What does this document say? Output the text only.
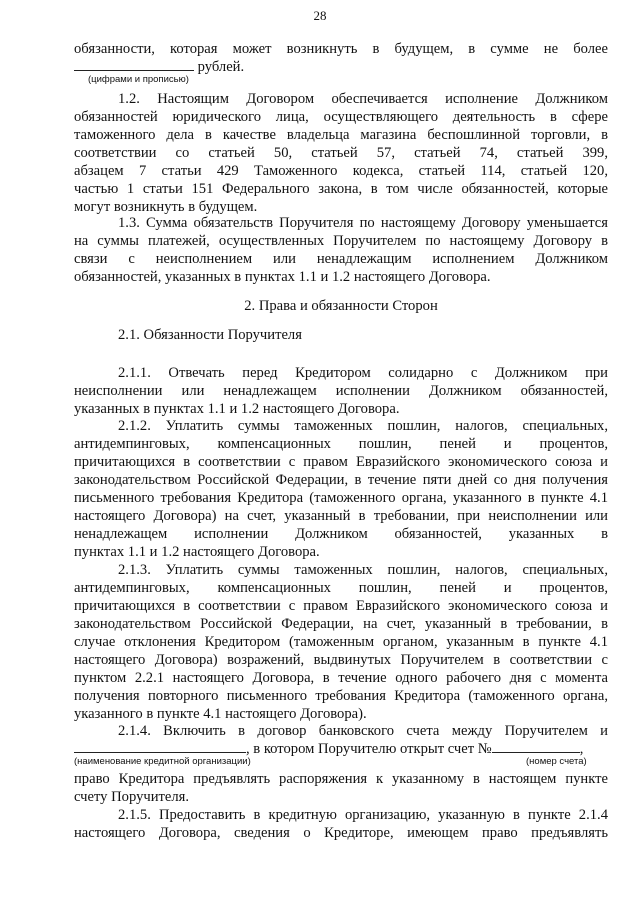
28
обязанности, которая может возникнуть в будущем, в сумме не более
рублей.
(цифрами и прописью)
1.2. Настоящим Договором обеспечивается исполнение Должником
обязанностей юридического лица, осуществляющего деятельность в сфере
таможенного дела в качестве владельца магазина беспошлинной торговли, в
соответствии со статьей 50, статьей 57, статьей 74, статьей 399,
абзацем 7 статьи 429 Таможенного кодекса, статьей 114, статьей 120,
частью 1 статьи 151 Федерального закона, в том числе обязанностей, которые
могут возникнуть в будущем.
1.3. Сумма обязательств Поручителя по настоящему Договору уменьшается
на суммы платежей, осуществленных Поручителем по настоящему Договору в
связи с неисполнением или ненадлежащим исполнением Должником
обязанностей, указанных в пунктах 1.1 и 1.2 настоящего Договора.
2. Права и обязанности Сторон
2.1. Обязанности Поручителя
2.1.1. Отвечать перед Кредитором солидарно с Должником при
неисполнении или ненадлежащем исполнении Должником обязанностей,
указанных в пунктах 1.1 и 1.2 настоящего Договора.
2.1.2. Уплатить суммы таможенных пошлин, налогов, специальных,
антидемпинговых, компенсационных пошлин, пеней и процентов,
причитающихся в соответствии с правом Евразийского экономического союза и
законодательством Российской Федерации, в течение пяти дней со дня получения
письменного требования Кредитора (таможенного органа, указанного в пункте 4.1
настоящего Договора) на счет, указанный в требовании, при неисполнении или
ненадлежащем исполнении Должником обязанностей, указанных в
пунктах 1.1 и 1.2 настоящего Договора.
2.1.3. Уплатить суммы таможенных пошлин, налогов, специальных,
антидемпинговых, компенсационных пошлин, пеней и процентов,
причитающихся в соответствии с правом Евразийского экономического союза и
законодательством Российской Федерации, на счет, указанный в требовании, в
случае отклонения Кредитором (таможенным органом, указанным в пункте 4.1
настоящего Договора) возражений, выдвинутых Поручителем в соответствии с
пунктом 2.2.1 настоящего Договора, в течение одного рабочего дня с момента
получения повторного письменного требования Кредитора (таможенного органа,
указанного в пункте 4.1 настоящего Договора).
2.1.4. Включить в договор банковского счета между Поручителем и
, в котором Поручителю открыт счет №	,
(наименование кредитной организации)	(номер счета)
право Кредитора предъявлять распоряжения к указанному в настоящем пункте
счету Поручителя.
2.1.5. Предоставить в кредитную организацию, указанную в пункте 2.1.4
настоящего Договора, сведения о Кредиторе, имеющем право предъявлять
